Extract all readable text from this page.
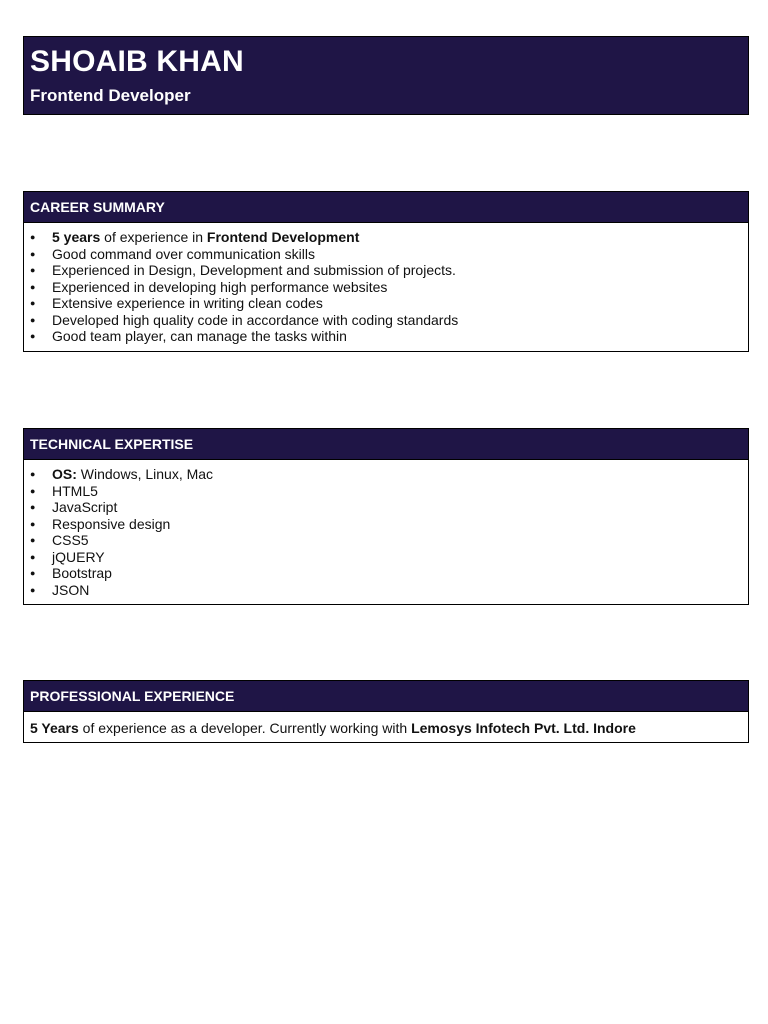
SHOAIB KHAN
Frontend Developer
CAREER SUMMARY
● 5 years of experience in Frontend Development
● Good command over communication skills
● Experienced in Design, Development and submission of projects.
● Experienced in developing high performance websites
● Extensive experience in writing clean codes
● Developed high quality code in accordance with coding standards
● Good team player, can manage the tasks within
TECHNICAL EXPERTISE
● OS: Windows, Linux, Mac
● HTML5
● JavaScript
● Responsive design
● CSS5
● jQUERY
● Bootstrap
● JSON
PROFESSIONAL EXPERIENCE
5 Years of experience as a developer. Currently working with Lemosys Infotech Pvt. Ltd. Indore
